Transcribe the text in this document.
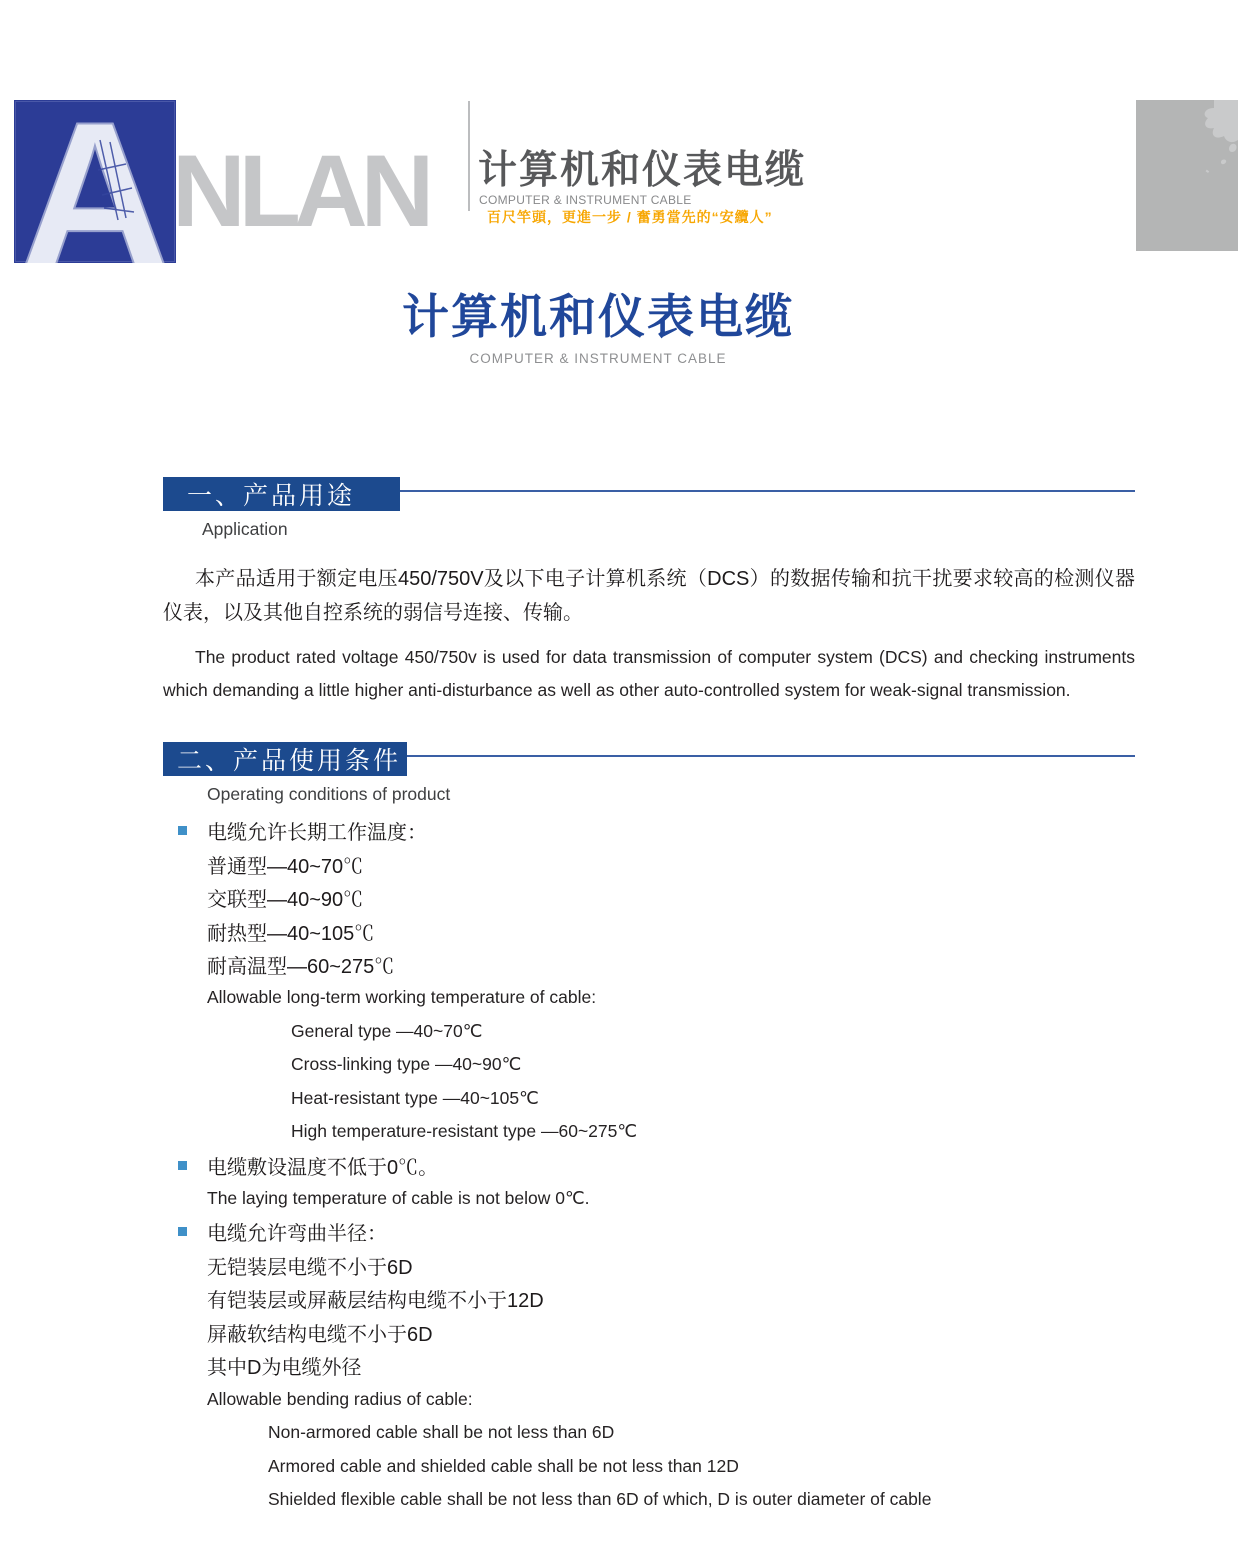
A NLAN 计算机和仪表电缆
COMPUTER & INSTRUMENT CABLE
百尺竿頭，更進一步 / 奮勇當先的“安纜人”
计算机和仪表电缆
COMPUTER & INSTRUMENT CABLE
一、产品用途
Application
本产品适用于额定电压450/750V及以下电子计算机系统（DCS）的数据传输和抗干扰要求较高的检测仪器仪表，以及其他自控系统的弱信号连接、传输。
The product rated voltage 450/750v is used for data transmission of computer system (DCS) and checking instruments which demanding a little higher anti-disturbance as well as other auto-controlled system for weak-signal transmission.
二、产品使用条件
Operating conditions of product
电缆允许长期工作温度：
普通型—40~70℃
交联型—40~90℃
耐热型—40~105℃
耐高温型—60~275℃
Allowable long-term working temperature of cable:
General type —40~70℃
Cross-linking type —40~90℃
Heat-resistant type —40~105℃
High temperature-resistant type —60~275℃
电缆敷设温度不低于0℃。
The laying temperature of cable is not below 0℃.
电缆允许弯曲半径：
无铠装层电缆不小于6D
有铠装层或屏蔽层结构电缆不小于12D
屏蔽软结构电缆不小于6D
其中D为电缆外径
Allowable bending radius of cable:
Non-armored cable shall be not less than 6D
Armored cable and shielded cable shall be not less than 12D
Shielded flexible cable shall be not less than 6D of which, D is outer diameter of cable
